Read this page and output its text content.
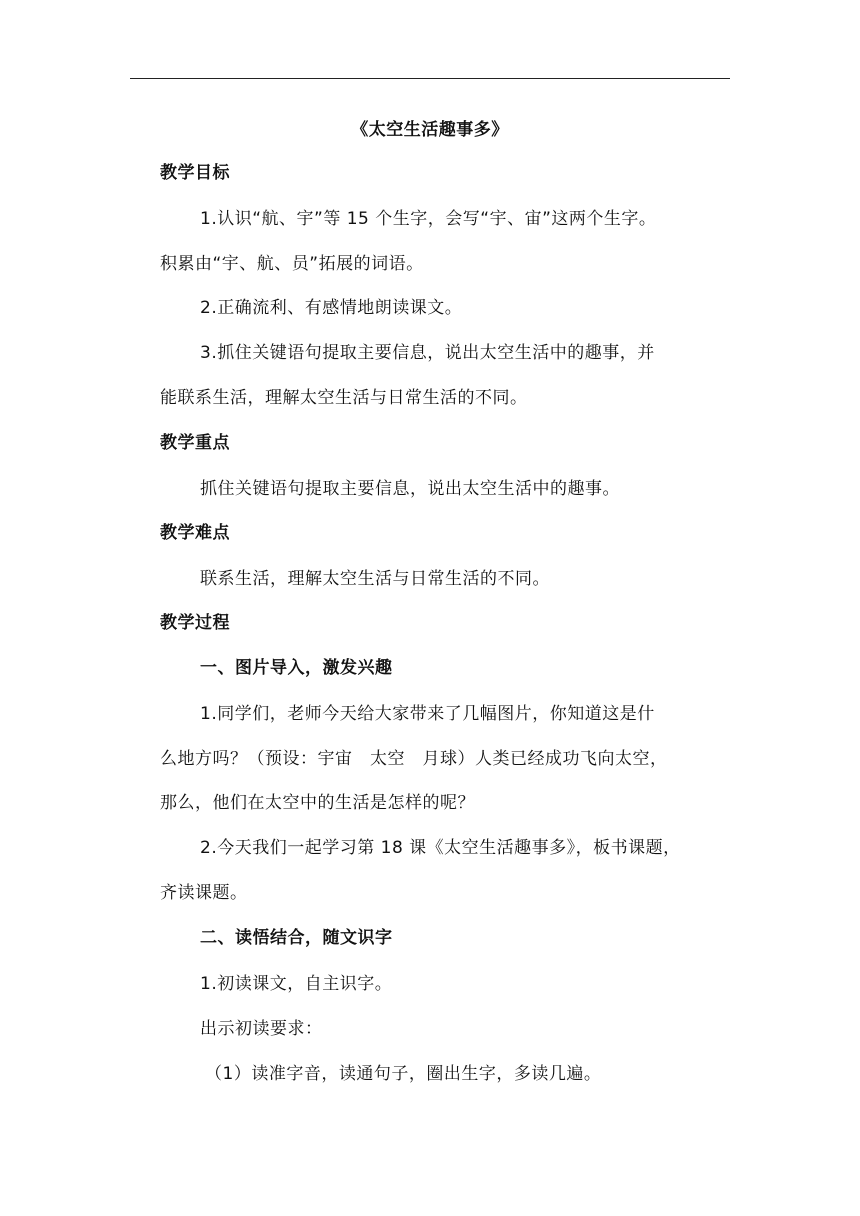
《太空生活趣事多》
教学目标
1.认识“航、宇”等 15 个生字，会写“宇、宙”这两个生字。
积累由“宇、航、员”拓展的词语。
2.正确流利、有感情地朗读课文。
3.抓住关键语句提取主要信息，说出太空生活中的趣事，并
能联系生活，理解太空生活与日常生活的不同。
教学重点
抓住关键语句提取主要信息，说出太空生活中的趣事。
教学难点
联系生活，理解太空生活与日常生活的不同。
教学过程
一、图片导入，激发兴趣
1.同学们，老师今天给大家带来了几幅图片，你知道这是什
么地方吗？（预设：宇宙　太空　月球）人类已经成功飞向太空，
那么，他们在太空中的生活是怎样的呢？
2.今天我们一起学习第 18 课《太空生活趣事多》，板书课题，
齐读课题。
二、读悟结合，随文识字
1.初读课文，自主识字。
出示初读要求：
（1）读准字音，读通句子，圈出生字，多读几遍。
